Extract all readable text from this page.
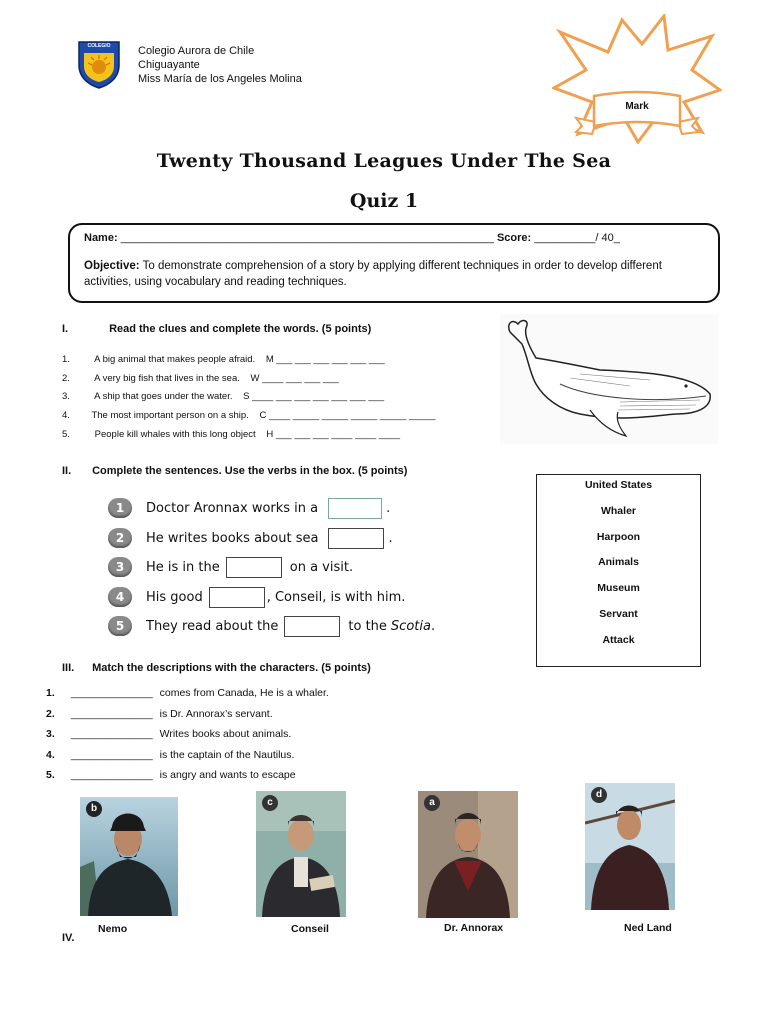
COLEGIO	Colegio Aurora de Chile
Chiguayante
Miss María de los Angeles Molina
Mark
Twenty Thousand Leagues Under The Sea
Quiz 1
Name: _____________________________________________________________ Score: __________/ 40_
Objective: To demonstrate comprehension of a story by applying different techniques in order to develop different activities, using vocabulary and reading techniques.
I.	Read the clues and complete the words. (5 points)
1.	A big animal that makes people afraid. M ___ ___ ___ ___ ___ ___
2.	A very big fish that lives in the sea. W ____ ___ ___ ___
3.	A ship that goes under the water. S ____ ___ ___ ___ ___ ___ ___
4. The most important person on a ship. C ____ _____ _____ _____ _____ _____
5.	People kill whales with this long object H ___ ___ ___ ____ ____ ____
II. Complete the sentences. Use the verbs in the box. (5 points)
1	Doctor Aronnax works in a	.
2	He writes books about sea	.
3	He is in the	on a visit.
4	His good	, Conseil, is with him.
5	They read about the	to the Scotia .
United States
Whaler
Harpoon
Animals
Museum
Servant
Attack
III. Match the descriptions with the characters. (5 points)
1. ______________ comes from Canada, He is a whaler.
2. ______________ is Dr. Annorax’s servant.
3. ______________ Writes books about animals.
4. ______________ is the captain of the Nautilus.
5. ______________ is angry and wants to escape
b
c	a
d
Nemo	Conseil	Dr. Annorax	Ned Land
IV.
